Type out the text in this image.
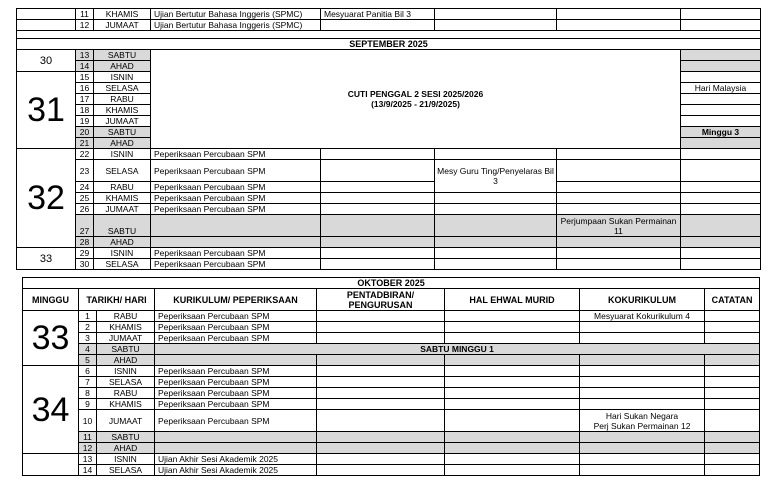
	11	KHAMIS	Ujian Bertutur Bahasa Inggeris (SPMC)	Mesyuarat Panitia Bil 3			
	12	JUMAAT	Ujian Bertutur Bahasa Inggeris (SPMC)				

SEPTEMBER 2025							
30	13	SABTU	CUTI PENGGAL 2 SESI 2025/2026
(13/9/2025 - 21/9/2025)				

	14	AHAD					
31	15	ISNIN					
	16	SELASA					Hari Malaysia
	17	RABU					
	18	KHAMIS					
	19	JUMAAT					
	20	SABTU					Minggu 3
	21	AHAD					
32	22	ISNIN	Peperiksaan Percubaan SPM				
	23	SELASA	Peperiksaan Percubaan SPM		Mesy Guru Ting/Penyelaras Bil 3		
	24	RABU	Peperiksaan Percubaan SPM				
	25	KHAMIS	Peperiksaan Percubaan SPM				
	26	JUMAAT	Peperiksaan Percubaan SPM				
	27	SABTU				Perjumpaan Sukan Permainan 11	
	28	AHAD					
33	29	ISNIN	Peperiksaan Percubaan SPM				
	30	SELASA	Peperiksaan Percubaan SPM				
OKTOBER 2025							
MINGGU	TARIKH/ HARI		KURIKULUM/ PEPERIKSAAN	PENTADBIRAN/ PENGURUSAN	HAL EHWAL MURID	KOKURIKULUM	CATATAN
33	1	RABU	Peperiksaan Percubaan SPM			Mesyuarat Kokurikulum 4	
	2	KHAMIS	Peperiksaan Percubaan SPM				
	3	JUMAAT	Peperiksaan Percubaan SPM				
	4	SABTU	SABTU MINGGU 1				
	5	AHAD					
34	6	ISNIN	Peperiksaan Percubaan SPM				
	7	SELASA	Peperiksaan Percubaan SPM				
	8	RABU	Peperiksaan Percubaan SPM				
	9	KHAMIS	Peperiksaan Percubaan SPM				
	10	JUMAAT	Peperiksaan Percubaan SPM			Hari Sukan Negara
Perj Sukan Permainan 12	

	11	SABTU					
	12	AHAD					
	13	ISNIN	Ujian Akhir Sesi Akademik 2025				
	14	SELASA	Ujian Akhir Sesi Akademik 2025				
